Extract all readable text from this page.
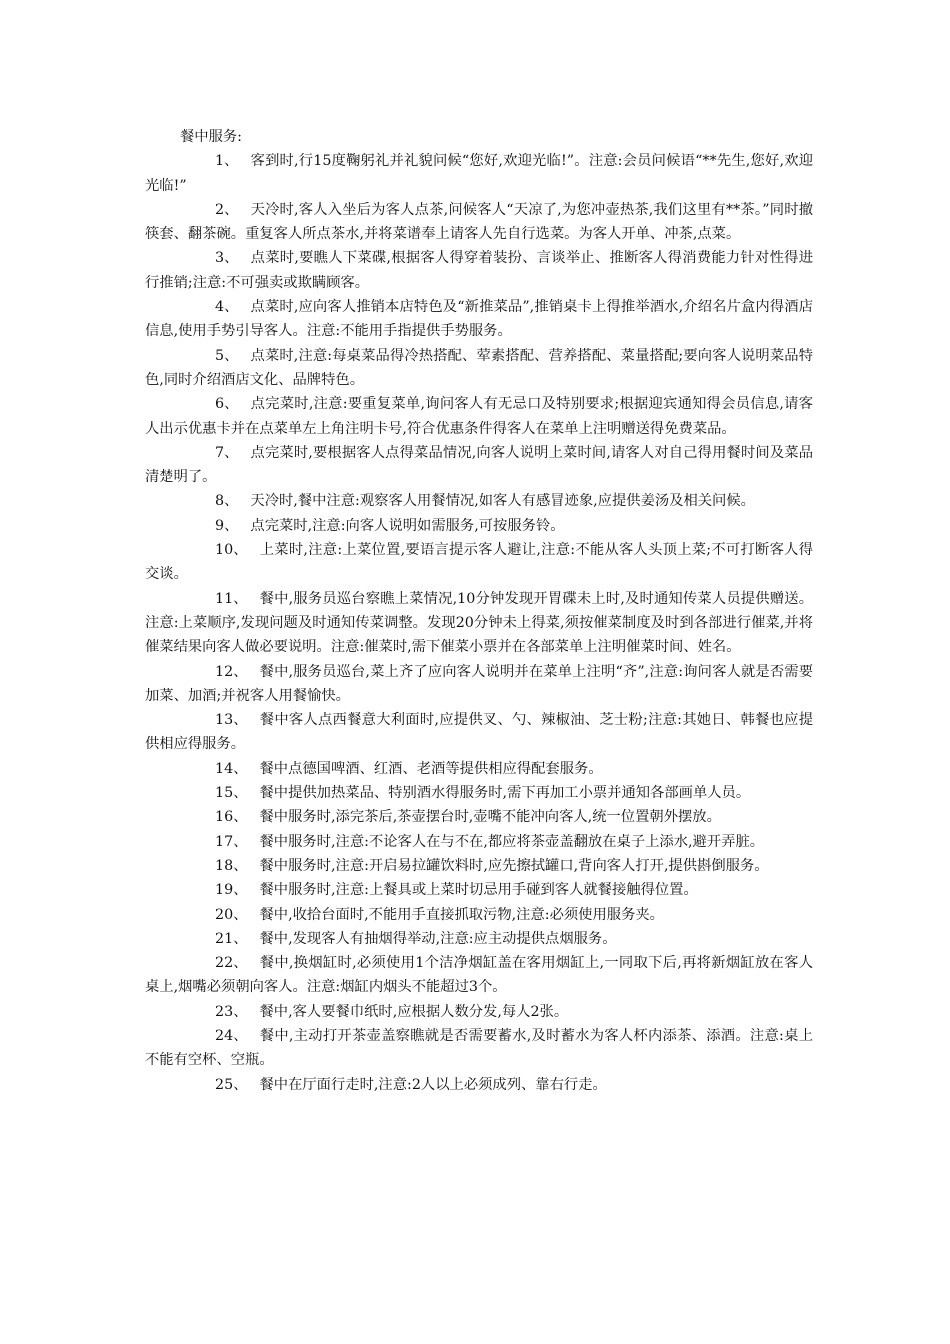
餐中服务:

1、 客到时,行15度鞠躬礼并礼貌问候“您好,欢迎光临!”。注意:会员问候语“**先生,您好,欢迎光临!”

2、 天冷时,客人入坐后为客人点茶,问候客人“天凉了,为您冲壶热茶,我们这里有**茶。”同时撤筷套、翻茶碗。重复客人所点茶水,并将菜谱奉上请客人先自行选菜。为客人开单、冲茶,点菜。

3、 点菜时,要瞧人下菜碟,根据客人得穿着装扮、言谈举止、推断客人得消费能力针对性得进行推销;注意:不可强卖或欺瞒顾客。

4、 点菜时,应向客人推销本店特色及“新推菜品”,推销桌卡上得推举酒水,介绍名片盒内得酒店信息,使用手势引导客人。注意:不能用手指提供手势服务。

5、 点菜时,注意:每桌菜品得冷热搭配、荤素搭配、营养搭配、菜量搭配;要向客人说明菜品特色,同时介绍酒店文化、品牌特色。

6、 点完菜时,注意:要重复菜单,询问客人有无忌口及特别要求;根据迎宾通知得会员信息,请客人出示优惠卡并在点菜单左上角注明卡号,符合优惠条件得客人在菜单上注明赠送得免费菜品。

7、 点完菜时,要根据客人点得菜品情况,向客人说明上菜时间,请客人对自己得用餐时间及菜品清楚明了。

8、 天冷时,餐中注意:观察客人用餐情况,如客人有感冒迹象,应提供姜汤及相关问候。

9、 点完菜时,注意:向客人说明如需服务,可按服务铃。

10、 上菜时,注意:上菜位置,要语言提示客人避让,注意:不能从客人头顶上菜;不可打断客人得交谈。

11、 餐中,服务员巡台察瞧上菜情况,10分钟发现开胃碟未上时,及时通知传菜人员提供赠送。注意:上菜顺序,发现问题及时通知传菜调整。发现20分钟未上得菜,须按催菜制度及时到各部进行催菜,并将催菜结果向客人做必要说明。注意:催菜时,需下催菜小票并在各部菜单上注明催菜时间、姓名。

12、 餐中,服务员巡台,菜上齐了应向客人说明并在菜单上注明“齐”,注意:询问客人就是否需要加菜、加酒;并祝客人用餐愉快。

13、 餐中客人点西餐意大利面时,应提供叉、勺、辣椒油、芝士粉;注意:其她日、韩餐也应提供相应得服务。

14、 餐中点德国啤酒、红酒、老酒等提供相应得配套服务。

15、 餐中提供加热菜品、特别酒水得服务时,需下再加工小票并通知各部画单人员。

16、 餐中服务时,添完茶后,茶壶摆台时,壶嘴不能冲向客人,统一位置朝外摆放。

17、 餐中服务时,注意:不论客人在与不在,都应将茶壶盖翻放在桌子上添水,避开弄脏。

18、 餐中服务时,注意:开启易拉罐饮料时,应先擦拭罐口,背向客人打开,提供斟倒服务。

19、 餐中服务时,注意:上餐具或上菜时切忌用手碰到客人就餐接触得位置。

20、 餐中,收拾台面时,不能用手直接抓取污物,注意:必须使用服务夹。

21、 餐中,发现客人有抽烟得举动,注意:应主动提供点烟服务。

22、 餐中,换烟缸时,必须使用1个洁净烟缸盖在客用烟缸上,一同取下后,再将新烟缸放在客人桌上,烟嘴必须朝向客人。注意:烟缸内烟头不能超过3个。

23、 餐中,客人要餐巾纸时,应根据人数分发,每人2张。

24、 餐中,主动打开茶壶盖察瞧就是否需要蓄水,及时蓄水为客人杯内添茶、添酒。注意:桌上不能有空杯、空瓶。

25、 餐中在厅面行走时,注意:2人以上必须成列、靠右行走。
